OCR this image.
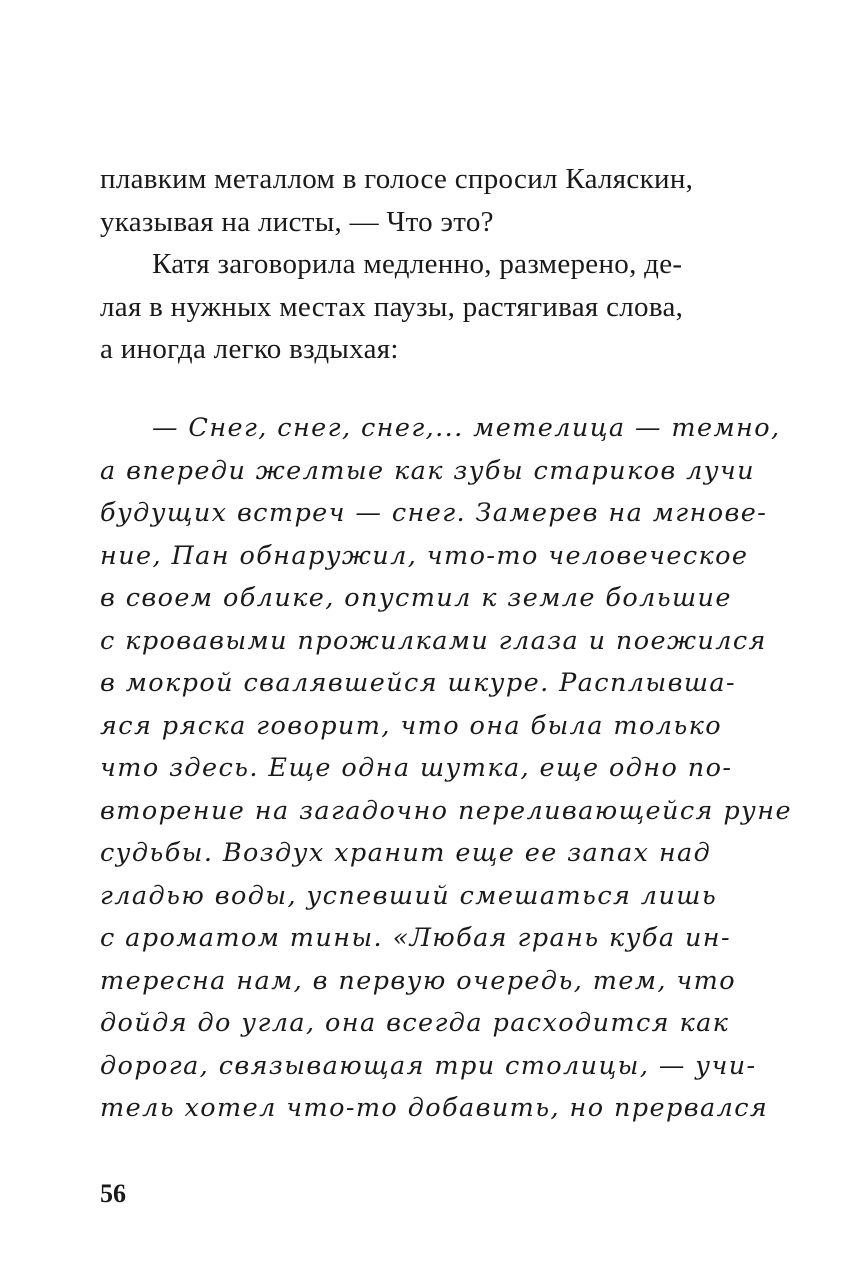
плавким металлом в голосе спросил Каляскин,
указывая на листы, — Что это?
Катя заговорила медленно, размерено, де-
лая в нужных местах паузы, растягивая слова,
а иногда легко вздыхая:
— Снег, снег, снег,... метелица — темно,
а впереди желтые как зубы стариков лучи
будущих встреч — снег. Замерев на мгнове-
ние, Пан обнаружил, что-то человеческое
в своем облике, опустил к земле большие
с кровавыми прожилками глаза и поежился
в мокрой свалявшейся шкуре. Расплывша-
яся ряска говорит, что она была только
что здесь. Еще одна шутка, еще одно по-
вторение на загадочно переливающейся руне
судьбы. Воздух хранит еще ее запах над
гладью воды, успевший смешаться лишь
с ароматом тины. «Любая грань куба ин-
тересна нам, в первую очередь, тем, что
дойдя до угла, она всегда расходится как
дорога, связывающая три столицы, — учи-
тель хотел что-то добавить, но прервался
56
